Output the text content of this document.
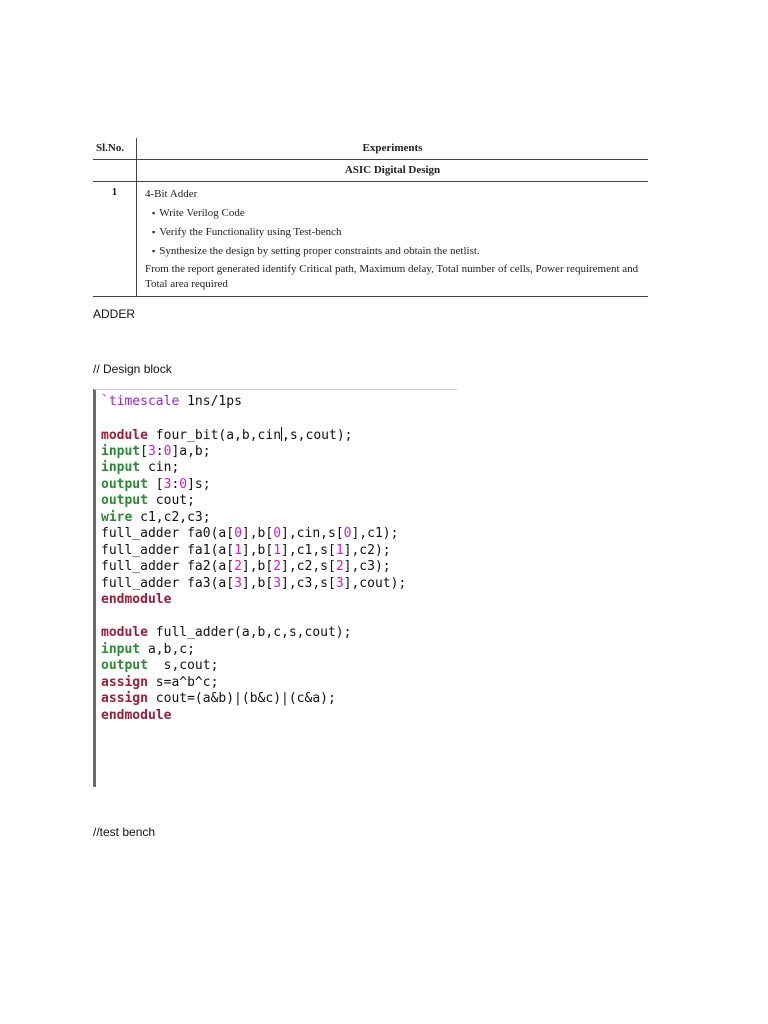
Sl.No.	Experiments
	ASIC Digital Design
1	4-Bit Adder
▪ Write Verilog Code
▪ Verify the Functionality using Test-bench
▪ Synthesize the design by setting proper constraints and obtain the netlist.
From the report generated identify Critical path, Maximum delay, Total number of cells, Power requirement and Total area required
ADDER
// Design block
`timescale 1ns/1ps

module four_bit(a,b,cin,s,cout);
input[3:0]a,b;
input cin;
output [3:0]s;
output cout;
wire c1,c2,c3;
full_adder fa0(a[0],b[0],cin,s[0],c1);
full_adder fa1(a[1],b[1],c1,s[1],c2);
full_adder fa2(a[2],b[2],c2,s[2],c3);
full_adder fa3(a[3],b[3],c3,s[3],cout);
endmodule

module full_adder(a,b,c,s,cout);
input a,b,c;
output  s,cout;
assign s=a^b^c;
assign cout=(a&b)|(b&c)|(c&a);
endmodule
//test bench
